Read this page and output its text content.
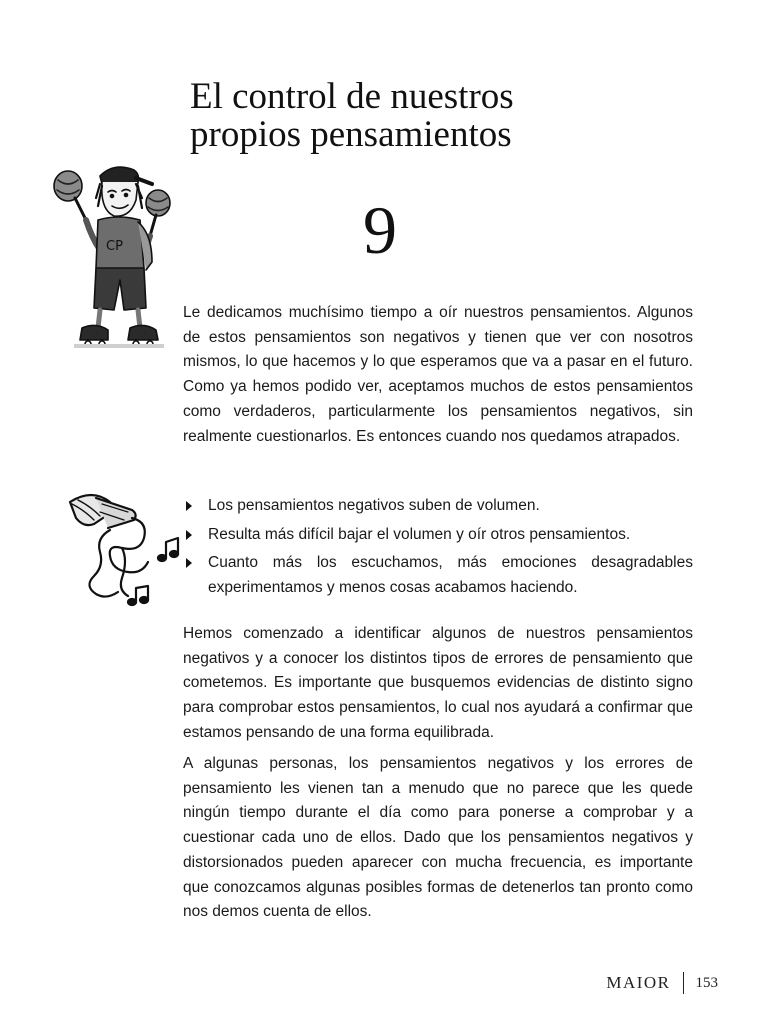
El control de nuestros
propios pensamientos
9
CP

Le dedicamos muchísimo tiempo a oír nuestros pensamientos. Algunos de estos pensamientos son negativos y tienen que ver con nosotros mismos, lo que hacemos y lo que esperamos que va a pasar en el futuro. Como ya hemos podido ver, aceptamos muchos de estos pensamientos como verdaderos, particularmente los pensamientos negativos, sin realmente cuestionarlos. Es entonces cuando nos quedamos atrapados.

Los pensamientos negativos suben de volumen.
Resulta más difícil bajar el volumen y oír otros pensamientos.
Cuanto más los escuchamos, más emociones desagradables experimentamos y menos cosas acabamos haciendo.

Hemos comenzado a identificar algunos de nuestros pensamientos negativos y a conocer los distintos tipos de errores de pensamiento que cometemos. Es importante que busquemos evidencias de distinto signo para comprobar estos pensamientos, lo cual nos ayudará a confirmar que estamos pensando de una forma equilibrada.

A algunas personas, los pensamientos negativos y los errores de pensamiento les vienen tan a menudo que no parece que les quede ningún tiempo durante el día como para ponerse a comprobar y a cuestionar cada uno de ellos. Dado que los pensamientos negativos y distorsionados pueden aparecer con mucha frecuencia, es importante que conozcamos algunas posibles formas de detenerlos tan pronto como nos demos cuenta de ellos.

MAIOR 153
